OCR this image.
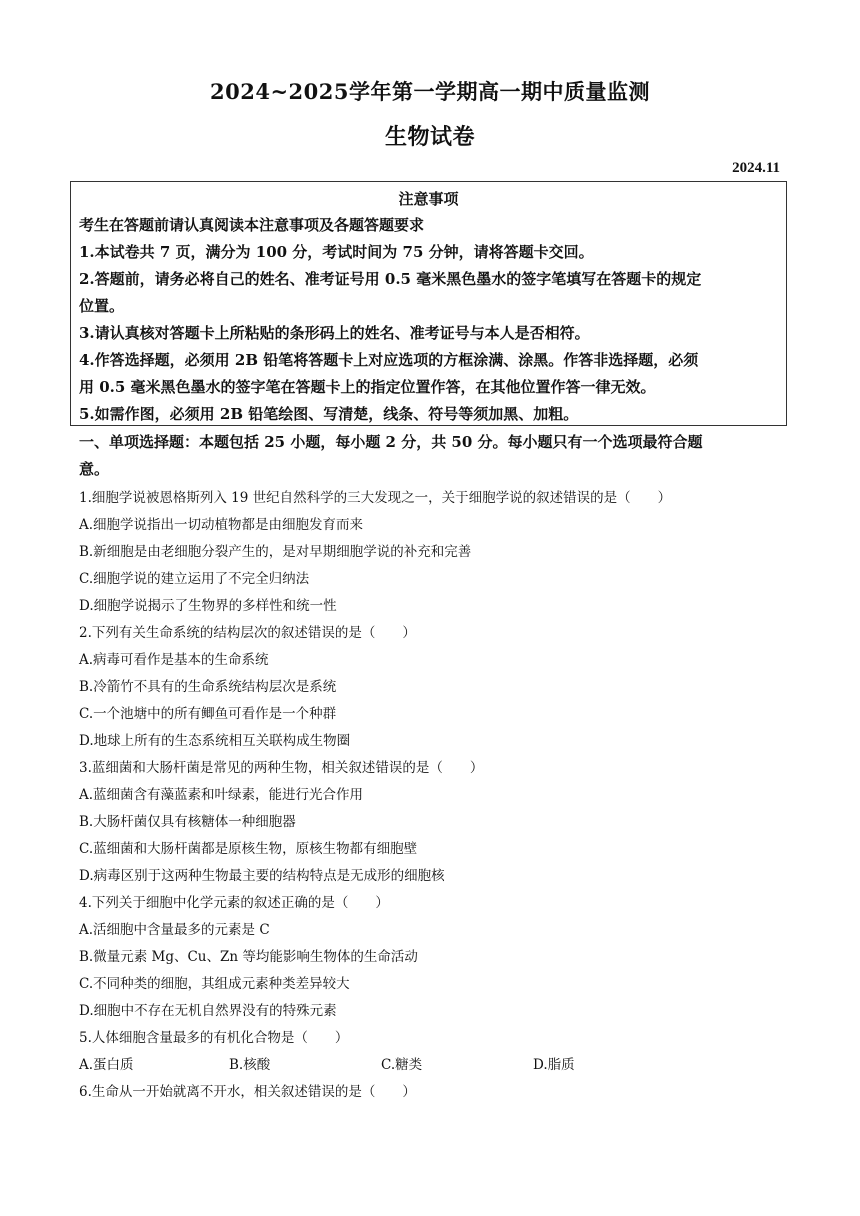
2024~2025学年第一学期高一期中质量监测
生物试卷
2024.11
注意事项
考生在答题前请认真阅读本注意事项及各题答题要求
1.本试卷共 7 页，满分为 100 分，考试时间为 75 分钟，请将答题卡交回。
2.答题前，请务必将自己的姓名、准考证号用 0.5 毫米黑色墨水的签字笔填写在答题卡的规定
位置。
3.请认真核对答题卡上所粘贴的条形码上的姓名、准考证号与本人是否相符。
4.作答选择题，必须用 2B 铅笔将答题卡上对应选项的方框涂满、涂黑。作答非选择题，必须
用 0.5 毫米黑色墨水的签字笔在答题卡上的指定位置作答，在其他位置作答一律无效。
5.如需作图，必须用 2B 铅笔绘图、写清楚，线条、符号等须加黑、加粗。
一、单项选择题：本题包括 25 小题，每小题 2 分，共 50 分。每小题只有一个选项最符合题
意。
1.细胞学说被恩格斯列入 19 世纪自然科学的三大发现之一，关于细胞学说的叙述错误的是（　　）
A.细胞学说指出一切动植物都是由细胞发育而来
B.新细胞是由老细胞分裂产生的，是对早期细胞学说的补充和完善
C.细胞学说的建立运用了不完全归纳法
D.细胞学说揭示了生物界的多样性和统一性
2.下列有关生命系统的结构层次的叙述错误的是（　　）
A.病毒可看作是基本的生命系统
B.冷箭竹不具有的生命系统结构层次是系统
C.一个池塘中的所有鲫鱼可看作是一个种群
D.地球上所有的生态系统相互关联构成生物圈
3.蓝细菌和大肠杆菌是常见的两种生物，相关叙述错误的是（　　）
A.蓝细菌含有藻蓝素和叶绿素，能进行光合作用
B.大肠杆菌仅具有核糖体一种细胞器
C.蓝细菌和大肠杆菌都是原核生物，原核生物都有细胞壁
D.病毒区别于这两种生物最主要的结构特点是无成形的细胞核
4.下列关于细胞中化学元素的叙述正确的是（　　）
A.活细胞中含量最多的元素是 C
B.微量元素 Mg、Cu、Zn 等均能影响生物体的生命活动
C.不同种类的细胞，其组成元素种类差异较大
D.细胞中不存在无机自然界没有的特殊元素
5.人体细胞含量最多的有机化合物是（　　）
A.蛋白质	B.核酸	C.糖类	D.脂质
6.生命从一开始就离不开水，相关叙述错误的是（　　）
